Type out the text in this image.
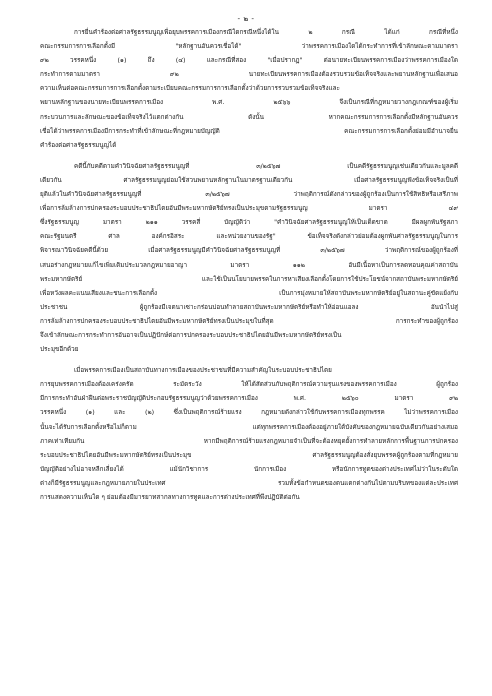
- ๒ -
การยื่นคำร้องต่อศาลรัฐธรรมนูญเพื่อยุบพรรคการเมืองกรณีใดกรณีหนึ่งได้ใน ๒ กรณี ได้แก่ กรณีที่หนึ่ง
คณะกรรมการการเลือกตั้งมี "หลักฐานอันควรเชื่อได้" ว่าพรรคการเมืองใดได้กระทำการที่เข้าลักษณะตามมาตรา
๙๒ วรรคหนึ่ง (๑) ถึง (๔) และกรณีที่สอง "เมื่อปรากฏ" ต่อนายทะเบียนพรรคการเมืองว่าพรรคการเมืองใด
กระทำการตามมาตรา ๙๒ นายทะเบียนพรรคการเมืองต้องรวบรวมข้อเท็จจริงและพยานหลักฐานเพื่อเสนอ
ความเห็นต่อคณะกรรมการการเลือกตั้งตามระเบียบคณะกรรมการการเลือกตั้งว่าด้วยการรวบรวมข้อเท็จจริงและ
พยานหลักฐานของนายทะเบียนพรรคการเมือง พ.ศ. ๒๕๖๖ จึงเป็นกรณีที่กฎหมายวางกฎเกณฑ์ของผู้เริ่ม
กระบวนการและลักษณะของข้อเท็จจริงไว้แตกต่างกัน ดังนั้น หากคณะกรรมการการเลือกตั้งมีหลักฐานอันควร
เชื่อได้ว่าพรรคการเมืองมีการกระทำที่เข้าลักษณะที่กฎหมายบัญญัติ คณะกรรมการการเลือกตั้งย่อมมีอำนาจยื่น
คำร้องต่อศาลรัฐธรรมนูญได้
คดีนี้กับคดีตามคำวินิจฉัยศาลรัฐธรรมนูญที่ ๓/๒๕๖๗ เป็นคดีรัฐธรรมนูญเช่นเดียวกันและมูลคดี
เดียวกัน ศาลรัฐธรรมนูญย่อมใช้สวนพยานหลักฐานในมาตรฐานเดียวกัน เมื่อศาลรัฐธรรมนูญฟังข้อเท็จจริงเป็นที่
ยุติแล้วในคำวินิจฉัยศาลรัฐธรรมนูญที่ ๓/๒๕๖๗ ว่าพฤติการณ์ดังกล่าวของผู้ถูกร้องเป็นการใช้สิทธิหรือเสรีภาพ
เพื่อการล้มล้างการปกครองระบอบประชาธิปไตยอันมีพระมหากษัตริย์ทรงเป็นประมุขตามรัฐธรรมนูญ มาตรา ๔๙
ซึ่งรัฐธรรมนูญ มาตรา ๒๑๑ วรรคสี่ บัญญัติว่า "คำวินิจฉัยศาลรัฐธรรมนูญให้เป็นเด็ดขาด มีผลผูกพันรัฐสภา
คณะรัฐมนตรี ศาล องค์กรอิสระ และหน่วยงานของรัฐ" ข้อเท็จจริงดังกล่าวย่อมต้องผูกพันศาลรัฐธรรมนูญในการ
พิจารณาวินิจฉัยคดีนี้ด้วย เมื่อศาลรัฐธรรมนูญมีคำวินิจฉัยศาลรัฐธรรมนูญที่ ๓/๒๕๖๗ ว่าพฤติการณ์ของผู้ถูกร้องที่
เสนอร่างกฎหมายแก้ไขเพิ่มเติมประมวลกฎหมายอาญา มาตรา ๑๑๒ อันมีเนื้อหาเป็นการลดทอนคุณค่าสถาบัน
พระมหากษัตริย์ และใช้เป็นนโยบายพรรคในการหาเสียงเลือกตั้งโดยการใช้ประโยชน์จากสถาบันพระมหากษัตริย์
เพื่อหวังผลคะแนนเสียงและชนะการเลือกตั้ง เป็นการมุ่งหมายให้สถาบันพระมหากษัตริย์อยู่ในสถานะคู่ขัดแย้งกับ
ประชาชน ผู้ถูกร้องมีเจตนาเซาะกร่อนบ่อนทำลายสถาบันพระมหากษัตริย์หรือทำให้อ่อนแอลง อันนำไปสู่
การล้มล้างการปกครองระบอบประชาธิปไตยอันมีพระมหากษัตริย์ทรงเป็นประมุขในที่สุด การกระทำของผู้ถูกร้อง
จึงเข้าลักษณะการกระทำการอันอาจเป็นปฏิปักษ์ต่อการปกครองระบอบประชาธิปไตยอันมีพระมหากษัตริย์ทรงเป็น
ประมุขอีกด้วย
เมื่อพรรคการเมืองเป็นสถาบันทางการเมืองของประชาชนที่มีความสำคัญในระบอบประชาธิปไตย
การยุบพรรคการเมืองต้องเคร่งครัด ระมัดระวัง ให้ได้สัดส่วนกับพฤติการณ์ความรุนแรงของพรรคการเมือง ผู้ถูกร้อง
มีการกระทำอันฝ่าฝืนต่อพระราชบัญญัติประกอบรัฐธรรมนูญว่าด้วยพรรคการเมือง พ.ศ. ๒๕๖๐ มาตรา ๙๒
วรรคหนึ่ง (๑) และ (๒) ซึ่งเป็นพฤติการณ์ร้ายแรง กฎหมายดังกล่าวใช้กับพรรคการเมืองทุกพรรค ไม่ว่าพรรคการเมือง
นั้นจะได้รับการเลือกตั้งหรือไม่ก็ตาม แต่ทุกพรรคการเมืองต้องอยู่ภายใต้บังคับของกฎหมายฉบับเดียวกันอย่างเสมอ
ภาคเท่าเทียมกัน หากมีพฤติการณ์ร้ายแรงกฎหมายจำเป็นที่จะต้องหยุดยั้งการทำลายหลักการพื้นฐานการปกครอง
ระบอบประชาธิปไตยอันมีพระมหากษัตริย์ทรงเป็นประมุข ศาลรัฐธรรมนูญต้องสั่งยุบพรรคผู้ถูกร้องตามที่กฎหมาย
บัญญัติอย่างไม่อาจหลีกเลี่ยงได้ แม้นักวิชาการ นักการเมือง หรือนักการทูตของต่างประเทศไม่ว่าในระดับใด
ต่างก็มีรัฐธรรมนูญและกฎหมายภายในประเทศ รวมทั้งข้อกำหนดของตนแตกต่างกันไปตามบริบทของแต่ละประเทศ
การแสดงความเห็นใด ๆ ย่อมต้องมีมารยาทสากลทางการทูตและการต่างประเทศที่พึงปฏิบัติต่อกัน
